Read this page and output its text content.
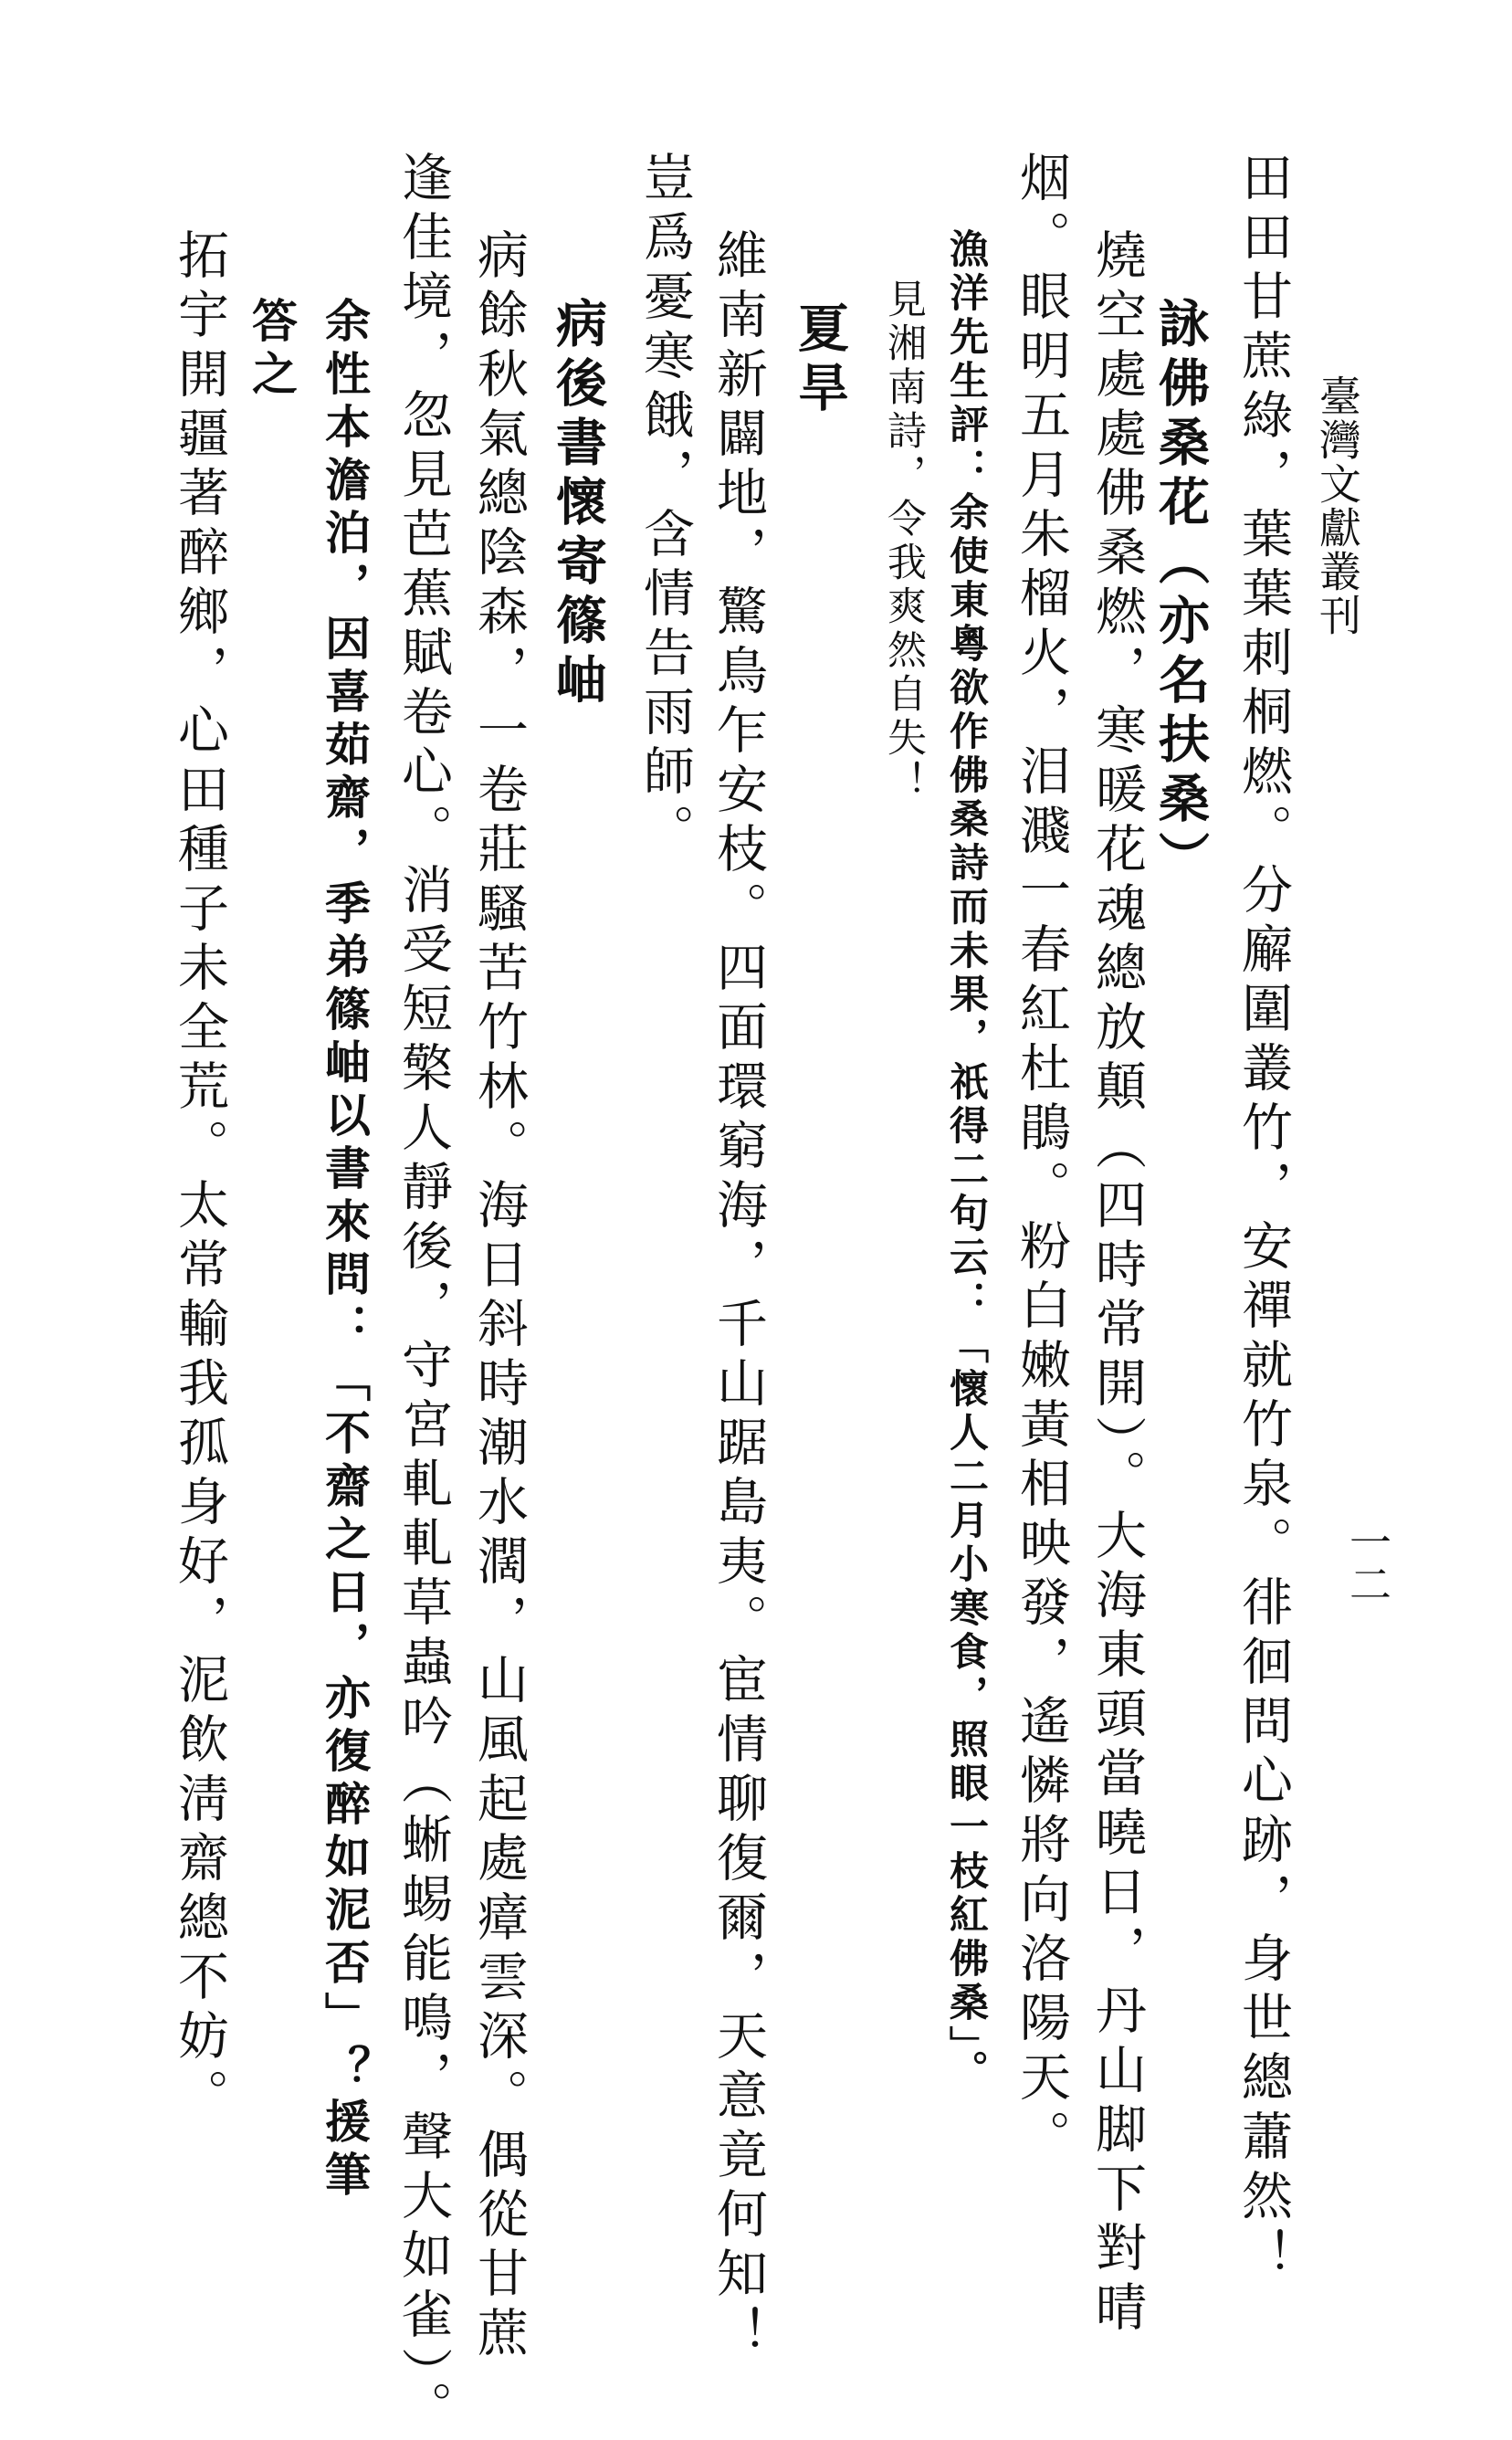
臺灣文獻叢刊
一二
田田甘蔗綠，葉葉刺桐燃。分廨圍叢竹，安禪就竹泉。徘徊問心跡，身世總蕭然！
詠佛桑花（亦名扶桑）
燒空處處佛桑燃，寒暖花魂總放顛（四時常開）。大海東頭當曉日，丹山脚下對晴
烟。眼明五月朱榴火，泪濺一春紅杜鵑。粉白嫩黃相映發，遙憐將向洛陽天。
漁洋先生評：余使東粵欲作佛桑詩而未果，祇得二句云：「懷人二月小寒食，照眼一枝紅佛桑」。
見湘南詩，令我爽然自失！
夏旱
維南新闢地，驚鳥乍安枝。四面環窮海，千山踞島夷。宦情聊復爾，天意竟何知！
豈爲憂寒餓，含情告雨師。
病後書懷寄篠岫
病餘秋氣總陰森，一卷莊騷苦竹林。海日斜時潮水濶，山風起處瘴雲深。偶從甘蔗
逢佳境，忽見芭蕉賦卷心。消受短檠人靜後，守宮軋軋草蟲吟（蜥蜴能鳴，聲大如雀）。
余性本澹泊，因喜茹齋，季弟篠岫以書來問：「不齋之日，亦復醉如泥否」？援筆
答之
拓宇開疆著醉鄉，心田種子未全荒。太常輸我孤身好，泥飲淸齋總不妨。
